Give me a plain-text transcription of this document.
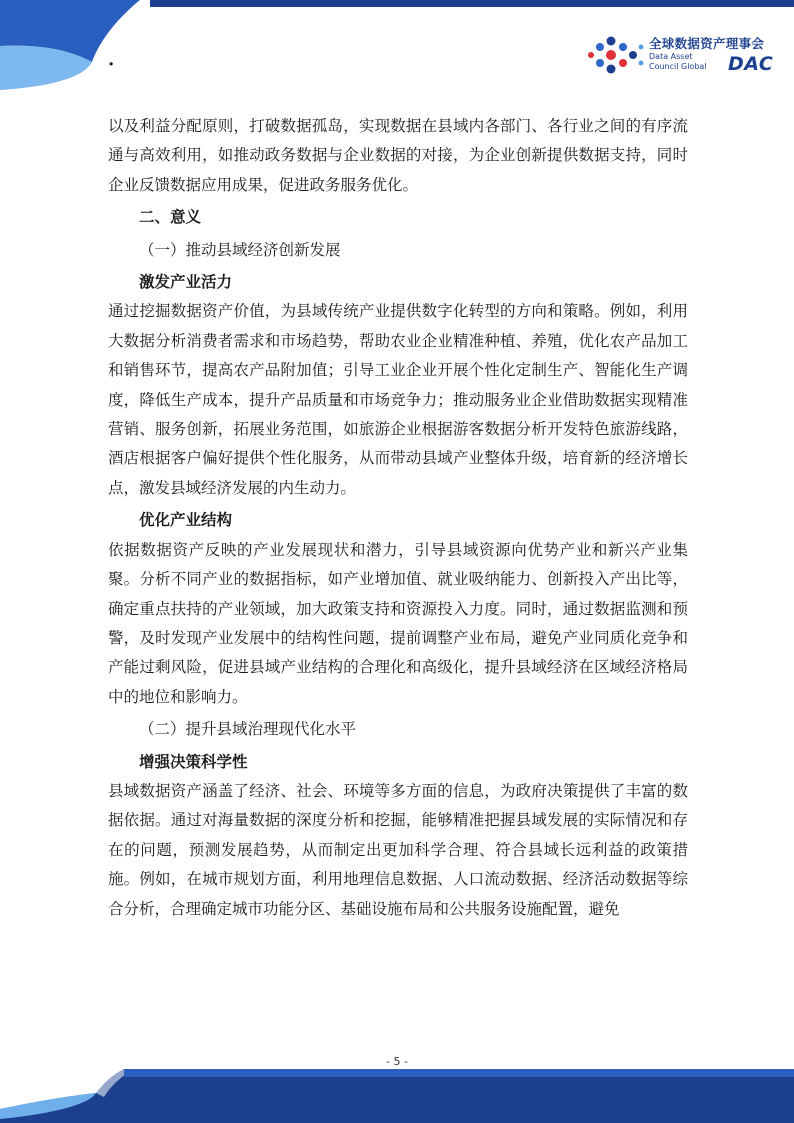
·
全球数据资产理事会
Data Asset
Council Global DAC

以及利益分配原则，打破数据孤岛，实现数据在县域内各部门、各行业之间的有序流通与高效利用，如推动政务数据与企业数据的对接，为企业创新提供数据支持，同时企业反馈数据应用成果，促进政务服务优化。

二、意义

（一）推动县域经济创新发展

激发产业活力

通过挖掘数据资产价值，为县域传统产业提供数字化转型的方向和策略。例如，利用大数据分析消费者需求和市场趋势，帮助农业企业精准种植、养殖，优化农产品加工和销售环节，提高农产品附加值；引导工业企业开展个性化定制生产、智能化生产调度，降低生产成本，提升产品质量和市场竞争力；推动服务业企业借助数据实现精准营销、服务创新，拓展业务范围，如旅游企业根据游客数据分析开发特色旅游线路，酒店根据客户偏好提供个性化服务，从而带动县域产业整体升级，培育新的经济增长点，激发县域经济发展的内生动力。

优化产业结构

依据数据资产反映的产业发展现状和潜力，引导县域资源向优势产业和新兴产业集聚。分析不同产业的数据指标，如产业增加值、就业吸纳能力、创新投入产出比等，确定重点扶持的产业领域，加大政策支持和资源投入力度。同时，通过数据监测和预警，及时发现产业发展中的结构性问题，提前调整产业布局，避免产业同质化竞争和产能过剩风险，促进县域产业结构的合理化和高级化，提升县域经济在区域经济格局中的地位和影响力。

（二）提升县域治理现代化水平

增强决策科学性

县域数据资产涵盖了经济、社会、环境等多方面的信息，为政府决策提供了丰富的数据依据。通过对海量数据的深度分析和挖掘，能够精准把握县域发展的实际情况和存在的问题，预测发展趋势，从而制定出更加科学合理、符合县域长远利益的政策措施。例如，在城市规划方面，利用地理信息数据、人口流动数据、经济活动数据等综合分析，合理确定城市功能分区、基础设施布局和公共服务设施配置，避免

- 5 -
